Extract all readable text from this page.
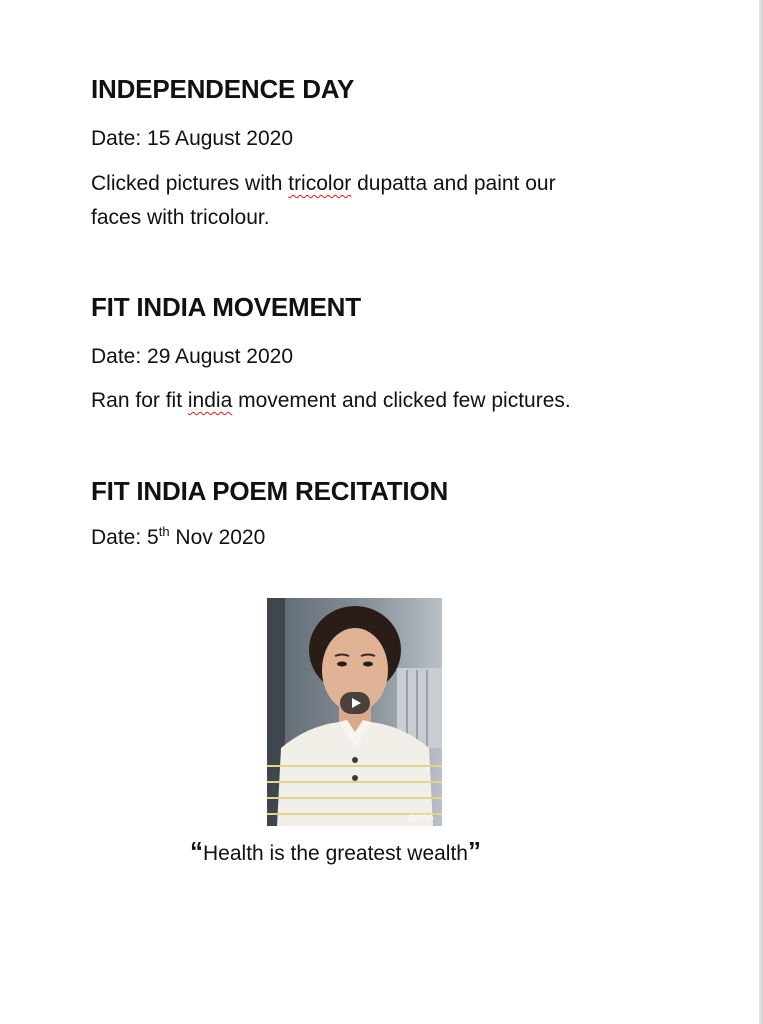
INDEPENDENCE DAY

Date: 15 August 2020

Clicked pictures with tricolor dupatta and paint our

faces with tricolour.

FIT INDIA MOVEMENT

Date: 29 August 2020

Ran for fit india movement and clicked few pictures.

FIT INDIA POEM RECITATION

Date: 5th Nov 2020

@VIVA
♪
“Health is the greatest wealth”
